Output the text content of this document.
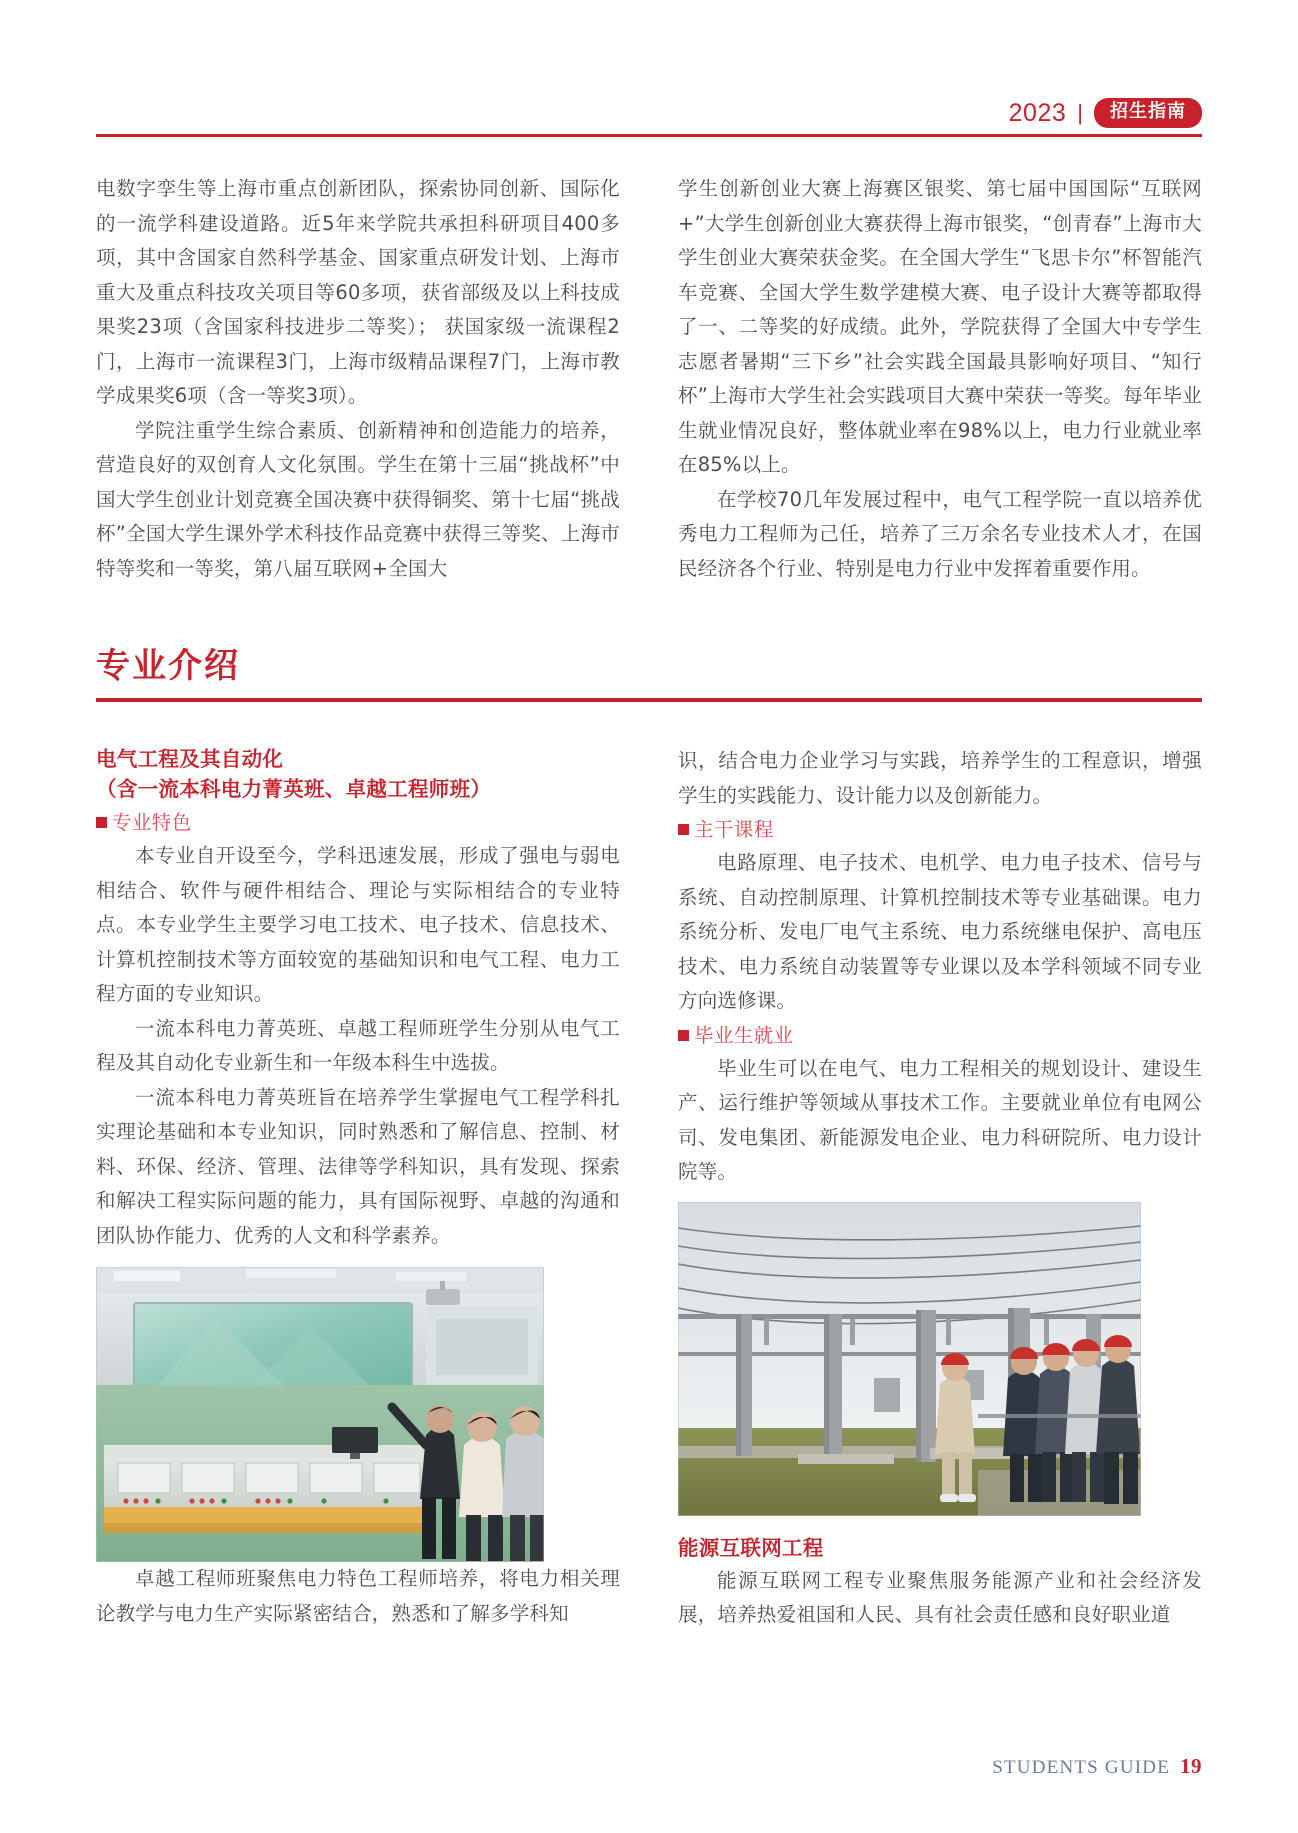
2023 |	招生指南

电数字孪生等上海市重点创新团队，探索协同创新、国际化的一流学科建设道路。近5年来学院共承担科研项目400多项，其中含国家自然科学基金、国家重点研发计划、上海市重大及重点科技攻关项目等60多项，获省部级及以上科技成果奖23项（含国家科技进步二等奖）； 获国家级一流课程2门，上海市一流课程3门，上海市级精品课程7门，上海市教学成果奖6项（含一等奖3项）。

学院注重学生综合素质、创新精神和创造能力的培养，营造良好的双创育人文化氛围。学生在第十三届“挑战杯”中国大学生创业计划竞赛全国决赛中获得铜奖、第十七届“挑战杯”全国大学生课外学术科技作品竞赛中获得三等奖、上海市特等奖和一等奖，第八届互联网+全国大

学生创新创业大赛上海赛区银奖、第七届中国国际“互联网+”大学生创新创业大赛获得上海市银奖，“创青春”上海市大学生创业大赛荣获金奖。在全国大学生“飞思卡尔”杯智能汽车竞赛、全国大学生数学建模大赛、电子设计大赛等都取得了一、二等奖的好成绩。此外，学院获得了全国大中专学生志愿者暑期“三下乡”社会实践全国最具影响好项目、“知行杯”上海市大学生社会实践项目大赛中荣获一等奖。每年毕业生就业情况良好，整体就业率在98%以上，电力行业就业率在85%以上。

在学校70几年发展过程中，电气工程学院一直以培养优秀电力工程师为己任，培养了三万余名专业技术人才，在国民经济各个行业、特别是电力行业中发挥着重要作用。

专业介绍
电气工程及其自动化
（含一流本科电力菁英班、卓越工程师班）
专业特色

本专业自开设至今，学科迅速发展，形成了强电与弱电相结合、软件与硬件相结合、理论与实际相结合的专业特点。本专业学生主要学习电工技术、电子技术、信息技术、计算机控制技术等方面较宽的基础知识和电气工程、电力工程方面的专业知识。

一流本科电力菁英班、卓越工程师班学生分别从电气工程及其自动化专业新生和一年级本科生中选拔。

一流本科电力菁英班旨在培养学生掌握电气工程学科扎实理论基础和本专业知识，同时熟悉和了解信息、控制、材料、环保、经济、管理、法律等学科知识，具有发现、探索和解决工程实际问题的能力，具有国际视野、卓越的沟通和团队协作能力、优秀的人文和科学素养。

卓越工程师班聚焦电力特色工程师培养，将电力相关理论教学与电力生产实际紧密结合，熟悉和了解多学科知

识，结合电力企业学习与实践，培养学生的工程意识，增强学生的实践能力、设计能力以及创新能力。

主干课程

电路原理、电子技术、电机学、电力电子技术、信号与系统、自动控制原理、计算机控制技术等专业基础课。电力系统分析、发电厂电气主系统、电力系统继电保护、高电压技术、电力系统自动装置等专业课以及本学科领域不同专业方向选修课。

毕业生就业

毕业生可以在电气、电力工程相关的规划设计、建设生产、运行维护等领域从事技术工作。主要就业单位有电网公司、发电集团、新能源发电企业、电力科研院所、电力设计院等。

能源互联网工程

能源互联网工程专业聚焦服务能源产业和社会经济发展，培养热爱祖国和人民、具有社会责任感和良好职业道

STUDENTS GUIDE 19
